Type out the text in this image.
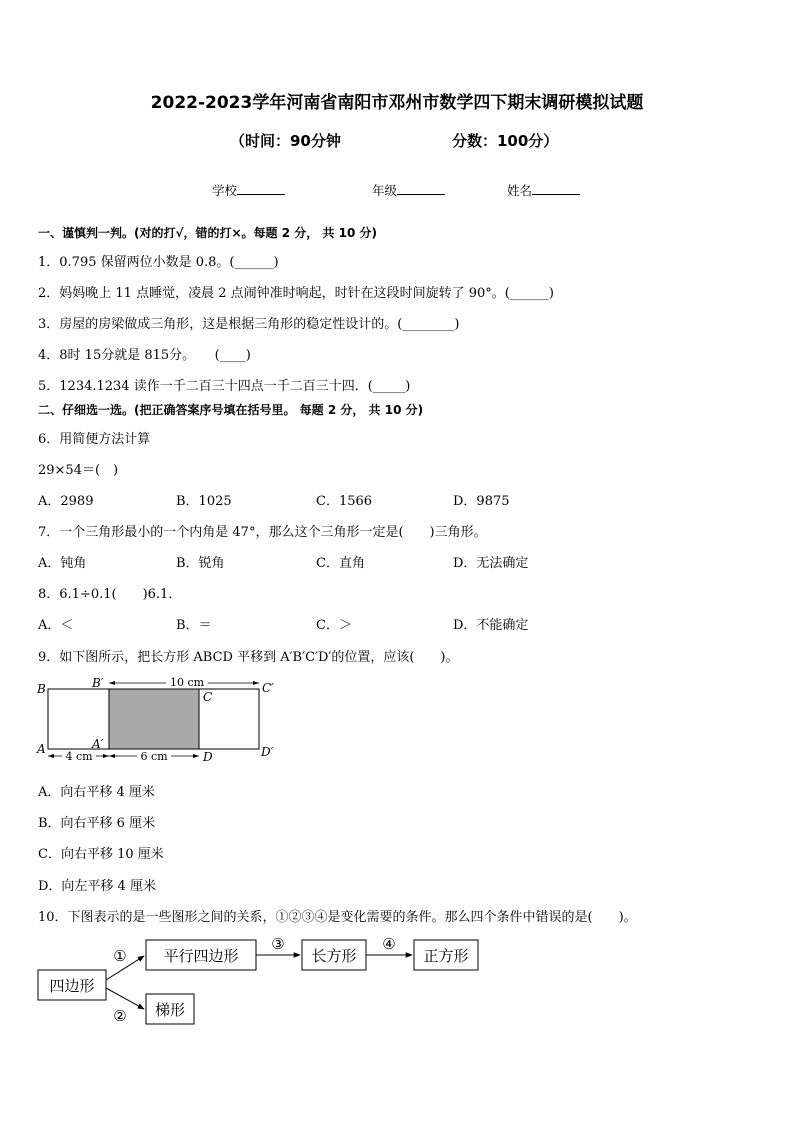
2022-2023学年河南省南阳市邓州市数学四下期末调研模拟试题
（时间：90分钟	分数：100分）
学校	年级	姓名
一、谨慎判一判。(对的打√，错的打×。每题 2 分， 共 10 分)
1．0.795 保留两位小数是 0.8。(______)
2．妈妈晚上 11 点睡觉，凌晨 2 点闹钟准时响起，时针在这段时间旋转了 90°。(______)
3．房屋的房梁做成三角形，这是根据三角形的稳定性设计的。(________)
4．8时 15分就是 815分。　　(____)
5．1234.1234 读作一千二百三十四点一千二百三十四．(_____)
二、仔细选一选。(把正确答案序号填在括号里。 每题 2 分， 共 10 分)
6．用简便方法计算
29×54＝(　)
A．2989	B．1025	C．1566	D．9875
7．一个三角形最小的一个内角是 47°，那么这个三角形一定是(　　)三角形。
A．钝角	B．锐角	C．直角	D．无法确定
8．6.1÷0.1(　　)6.1．
A．＜	B．＝	C．＞	D．不能确定
9．如下图所示，把长方形 ABCD 平移到 A′B′C′D′的位置，应该(　　)。
10 cm
4 cm	6 cm
B	B′
C
C′
A	A′
D	D′
A．向右平移 4 厘米
B．向右平移 6 厘米
C．向右平移 10 厘米
D．向左平移 4 厘米
10．下图表示的是一些图形之间的关系，①②③④是变化需要的条件。那么四个条件中错误的是(　　)。
四边形
平行四边形	长方形	正方形
梯形
①
②
③	④
